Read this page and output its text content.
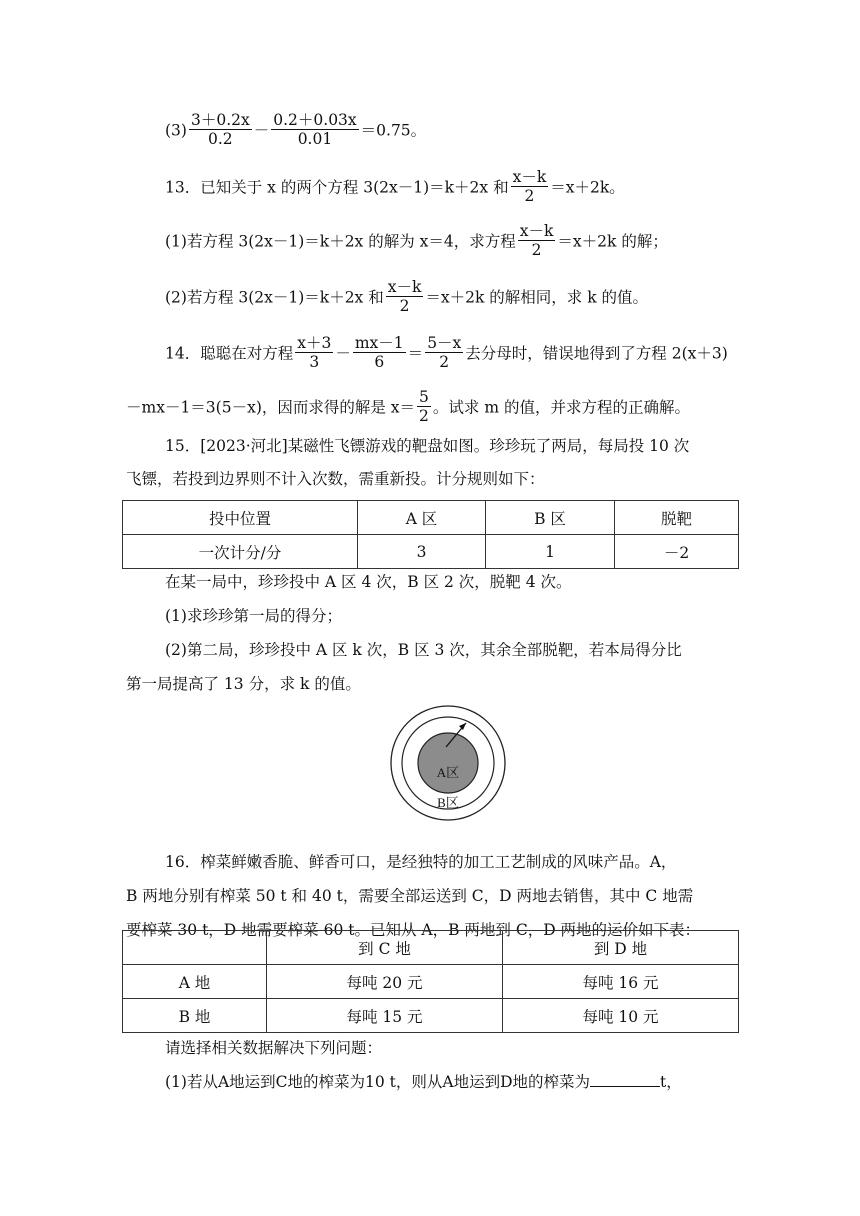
$(3) \frac{3+0.2x}{0.2} - \frac{0.2+0.03x}{0.01} =0.75$。
13．已知关于 x 的两个方程 3(2x－1)＝k＋2x 和 $\frac{x-k}{2} =x+2k$。
(1)若方程 3(2x－1)＝k＋2x 的解为 x＝4，求方程 $\frac{x-k}{2} =x+2k$ 的解；
(2)若方程 3(2x－1)＝k＋2x 和 $\frac{x-k}{2} =x+2k$ 的解相同，求 k 的值。
14．聪聪在对方程 $\frac{x+3}{3} - \frac{mx-1}{6} = \frac{5-x}{2}$ 去分母时，错误地得到了方程 2(x＋3)
－mx－1＝3(5－x)，因而求得的解是 $x= \frac{5}{2}$ 。试求 m 的值，并求方程的正确解。
15．[2023·河北]某磁性飞镖游戏的靶盘如图。珍珍玩了两局，每局投 10 次
飞镖，若投到边界则不计入次数，需重新投。计分规则如下：
投中位置	A 区	B 区	脱靶
一次计分/分	3	1	－2
在某一局中，珍珍投中 A 区 4 次，B 区 2 次，脱靶 4 次。
(1)求珍珍第一局的得分；
(2)第二局，珍珍投中 A 区 k 次，B 区 3 次，其余全部脱靶，若本局得分比
第一局提高了 13 分，求 k 的值。
A区
B区
16．榨菜鲜嫩香脆、鲜香可口，是经独特的加工工艺制成的风味产品。A，
B 两地分别有榨菜 50 t 和 40 t，需要全部运送到 C，D 两地去销售，其中 C 地需
要榨菜 30 t，D 地需要榨菜 60 t。已知从 A，B 两地到 C，D 两地的运价如下表：
	到 C 地	到 D 地
A 地	每吨 20 元	每吨 16 元
B 地	每吨 15 元	每吨 10 元
请选择相关数据解决下列问题：
(1)若从A地运到C地的榨菜为10 t，则从A地运到D地的榨菜为	t，
